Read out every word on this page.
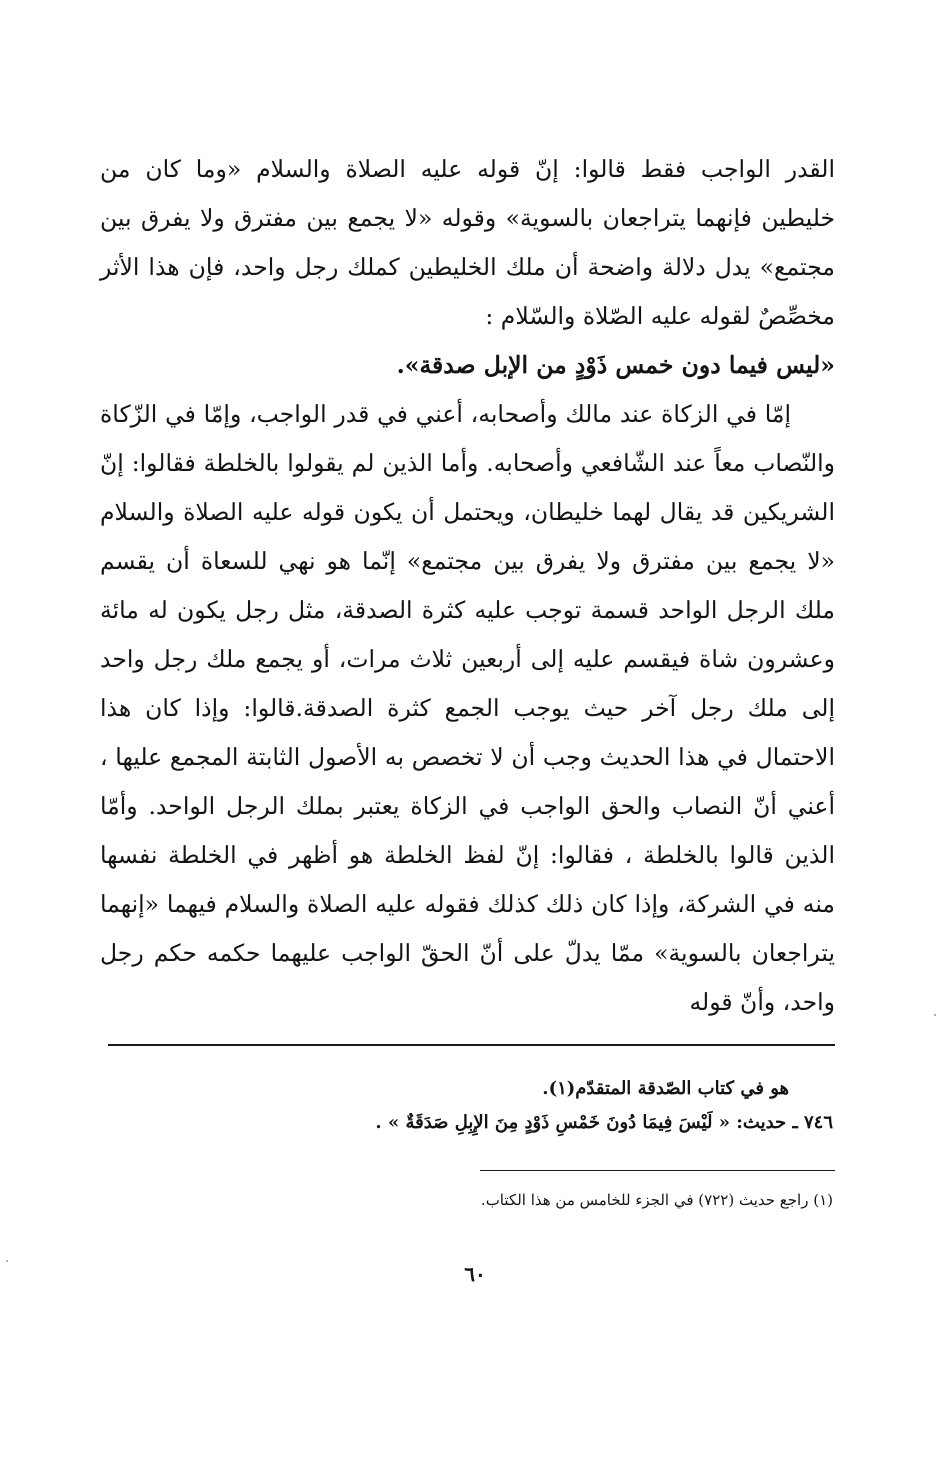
القدر الواجب فقط قالوا: إنّ قوله عليه الصلاة والسلام «وما كان من خليطين فإنهما يتراجعان بالسوية» وقوله «لا يجمع بين مفترق ولا يفرق بين مجتمع» يدل دلالة واضحة أن ملك الخليطين كملك رجل واحد، فإن هذا الأثر مخصِّصٌ لقوله عليه الصّلاة والسّلام :

«ليس فيما دون خمس ذَوْدٍ من الإبل صدقة».

إمّا في الزكاة عند مالك وأصحابه، أعني في قدر الواجب، وإمّا في الزّكاة والنّصاب معاً عند الشّافعي وأصحابه. وأما الذين لم يقولوا بالخلطة فقالوا: إنّ الشريكين قد يقال لهما خليطان، ويحتمل أن يكون قوله عليه الصلاة والسلام «لا يجمع بين مفترق ولا يفرق بين مجتمع» إنّما هو نهي للسعاة أن يقسم ملك الرجل الواحد قسمة توجب عليه كثرة الصدقة، مثل رجل يكون له مائة وعشرون شاة فيقسم عليه إلى أربعين ثلاث مرات، أو يجمع ملك رجل واحد إلى ملك رجل آخر حيث يوجب الجمع كثرة الصدقة.قالوا: وإذا كان هذا الاحتمال في هذا الحديث وجب أن لا تخصص به الأصول الثابتة المجمع عليها ، أعني أنّ النصاب والحق الواجب في الزكاة يعتبر بملك الرجل الواحد. وأمّا الذين قالوا بالخلطة ، فقالوا: إنّ لفظ الخلطة هو أظهر في الخلطة نفسها منه في الشركة، وإذا كان ذلك كذلك فقوله عليه الصلاة والسلام فيهما «إنهما يتراجعان بالسوية» ممّا يدلّ على أنّ الحقّ الواجب عليهما حكمه حكم رجل واحد، وأنّ قوله

هو في كتاب الصّدقة المتقدّم(١).

٧٤٦ ـ حديث: « لَيْسَ فِيمَا دُونَ خَمْسِ ذَوْدٍ مِنَ الإِبِلِ صَدَقَةٌ » .

(١) راجع حديث (٧٢٢) في الجزء للخامس من هذا الكتاب.

٦٠
